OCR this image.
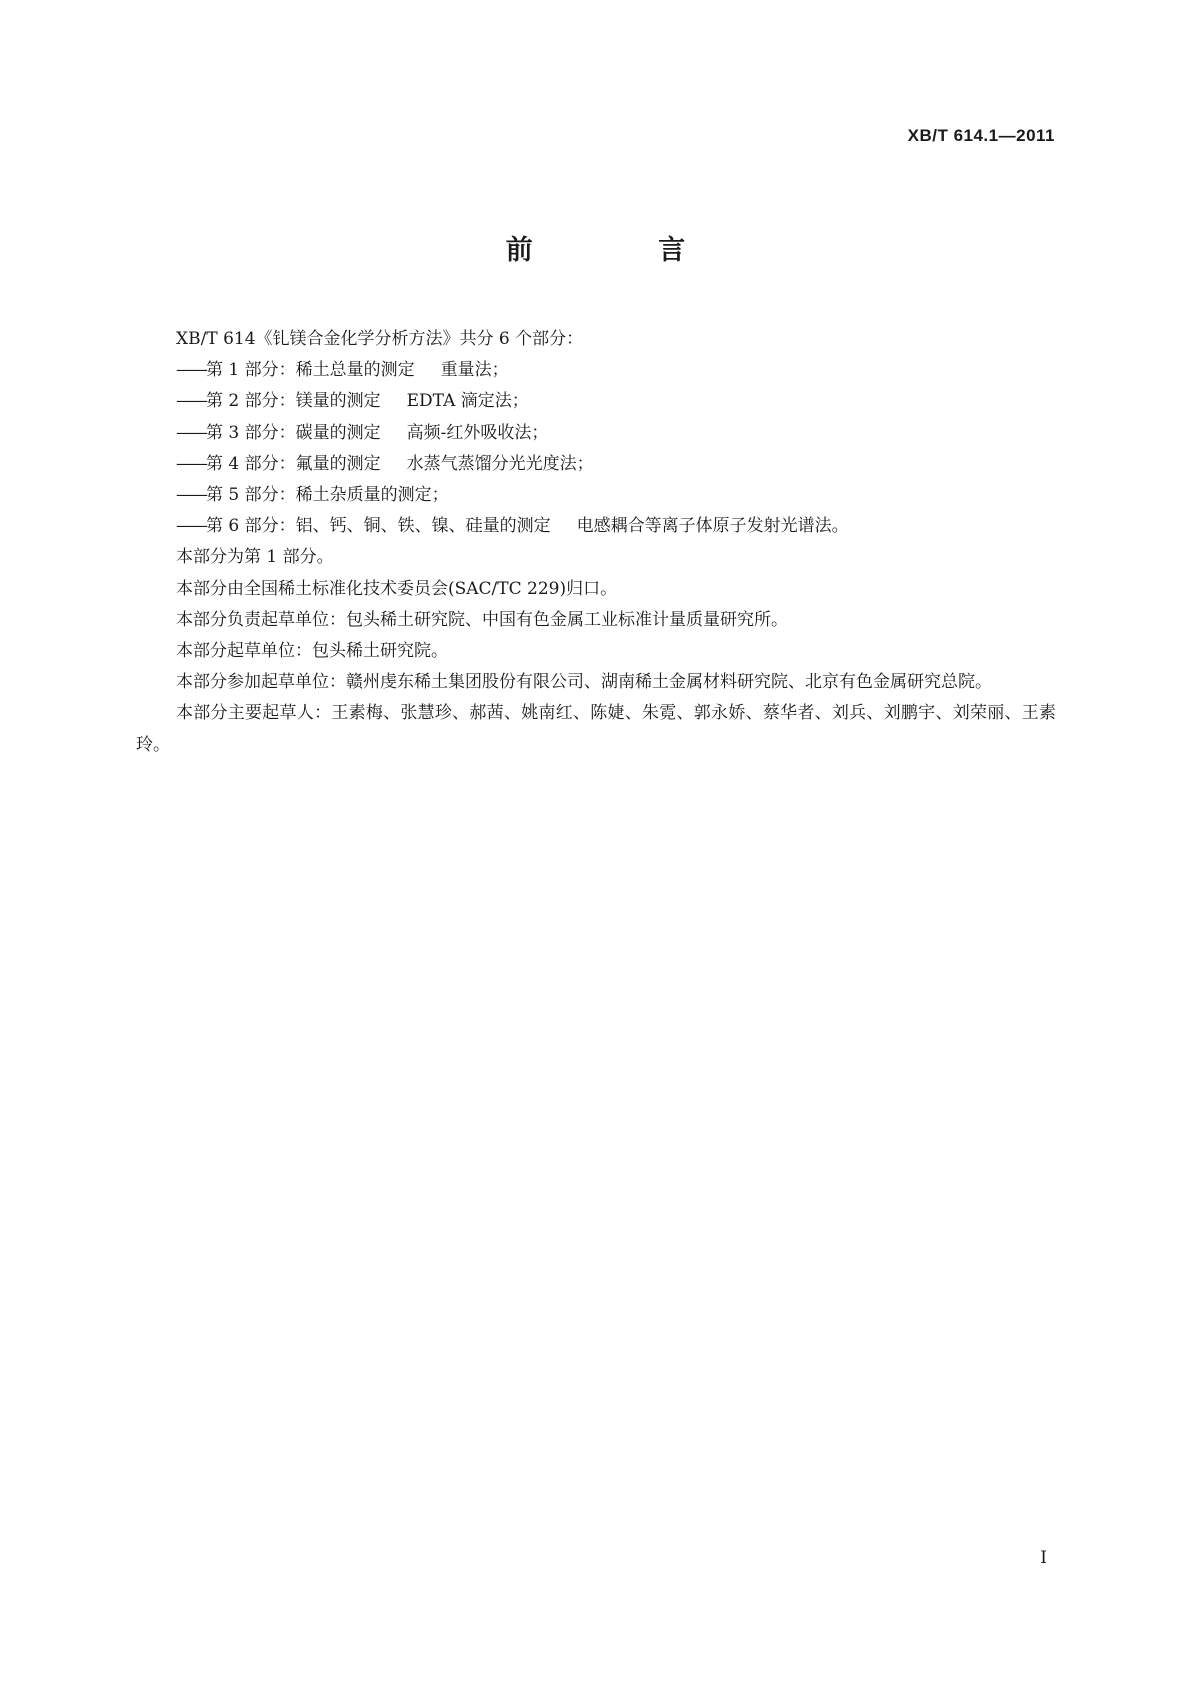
XB/T 614.1—2011
前 言

XB/T 614《钆镁合金化学分析方法》共分 6 个部分：

——第 1 部分：稀土总量的测定 重量法；

——第 2 部分：镁量的测定 EDTA 滴定法；

——第 3 部分：碳量的测定 高频-红外吸收法；

——第 4 部分：氟量的测定 水蒸气蒸馏分光光度法；

——第 5 部分：稀土杂质量的测定；

——第 6 部分：铝、钙、铜、铁、镍、硅量的测定 电感耦合等离子体原子发射光谱法。

本部分为第 1 部分。

本部分由全国稀土标准化技术委员会(SAC/TC 229)归口。

本部分负责起草单位：包头稀土研究院、中国有色金属工业标准计量质量研究所。

本部分起草单位：包头稀土研究院。

本部分参加起草单位：赣州虔东稀土集团股份有限公司、湖南稀土金属材料研究院、北京有色金属研究总院。

本部分主要起草人：王素梅、张慧珍、郝茜、姚南红、陈婕、朱霓、郭永娇、蔡华者、刘兵、刘鹏宇、刘荣丽、王素玲。

I
